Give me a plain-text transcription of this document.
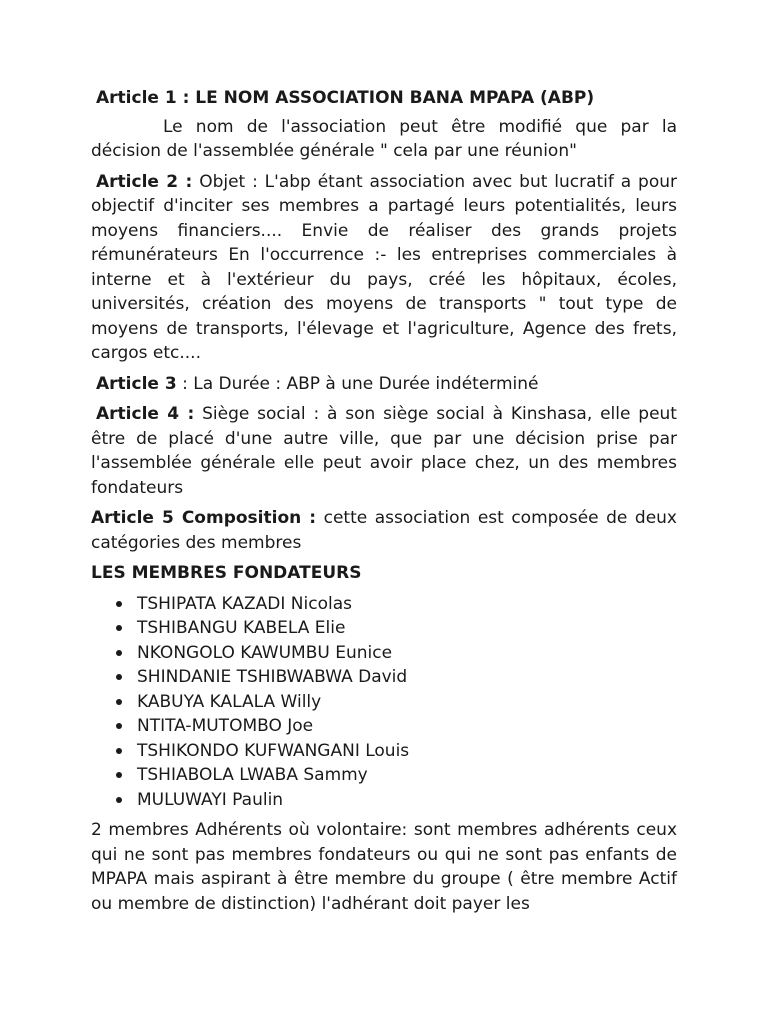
Article 1 : LE NOM ASSOCIATION BANA MPAPA (ABP)

Le nom de l'association peut être modifié que par la décision de l'assemblée générale " cela par une réunion"

Article 2 : Objet : L'abp étant association avec but lucratif a pour objectif d'inciter ses membres a partagé leurs potentialités, leurs moyens financiers.... Envie de réaliser des grands projets rémunérateurs En l'occurrence :- les entreprises commerciales à interne et à l'extérieur du pays, créé les hôpitaux, écoles, universités, création des moyens de transports " tout type de moyens de transports, l'élevage et l'agriculture, Agence des frets, cargos etc....

Article 3 : La Durée : ABP à une Durée indéterminé

Article 4 : Siège social : à son siège social à Kinshasa, elle peut être de placé d'une autre ville, que par une décision prise par l'assemblée générale elle peut avoir place chez, un des membres fondateurs

Article 5 Composition : cette association est composée de deux catégories des membres

LES MEMBRES FONDATEURS

TSHIPATA KAZADI Nicolas
TSHIBANGU KABELA Elie
NKONGOLO KAWUMBU Eunice
SHINDANIE TSHIBWABWA David
KABUYA KALALA Willy
NTITA-MUTOMBO Joe
TSHIKONDO KUFWANGANI Louis
TSHIABOLA LWABA Sammy
MULUWAYI Paulin

2 membres Adhérents où volontaire: sont membres adhérents ceux qui ne sont pas membres fondateurs ou qui ne sont pas enfants de MPAPA mais aspirant à être membre du groupe ( être membre Actif ou membre de distinction) l'adhérant doit payer les
